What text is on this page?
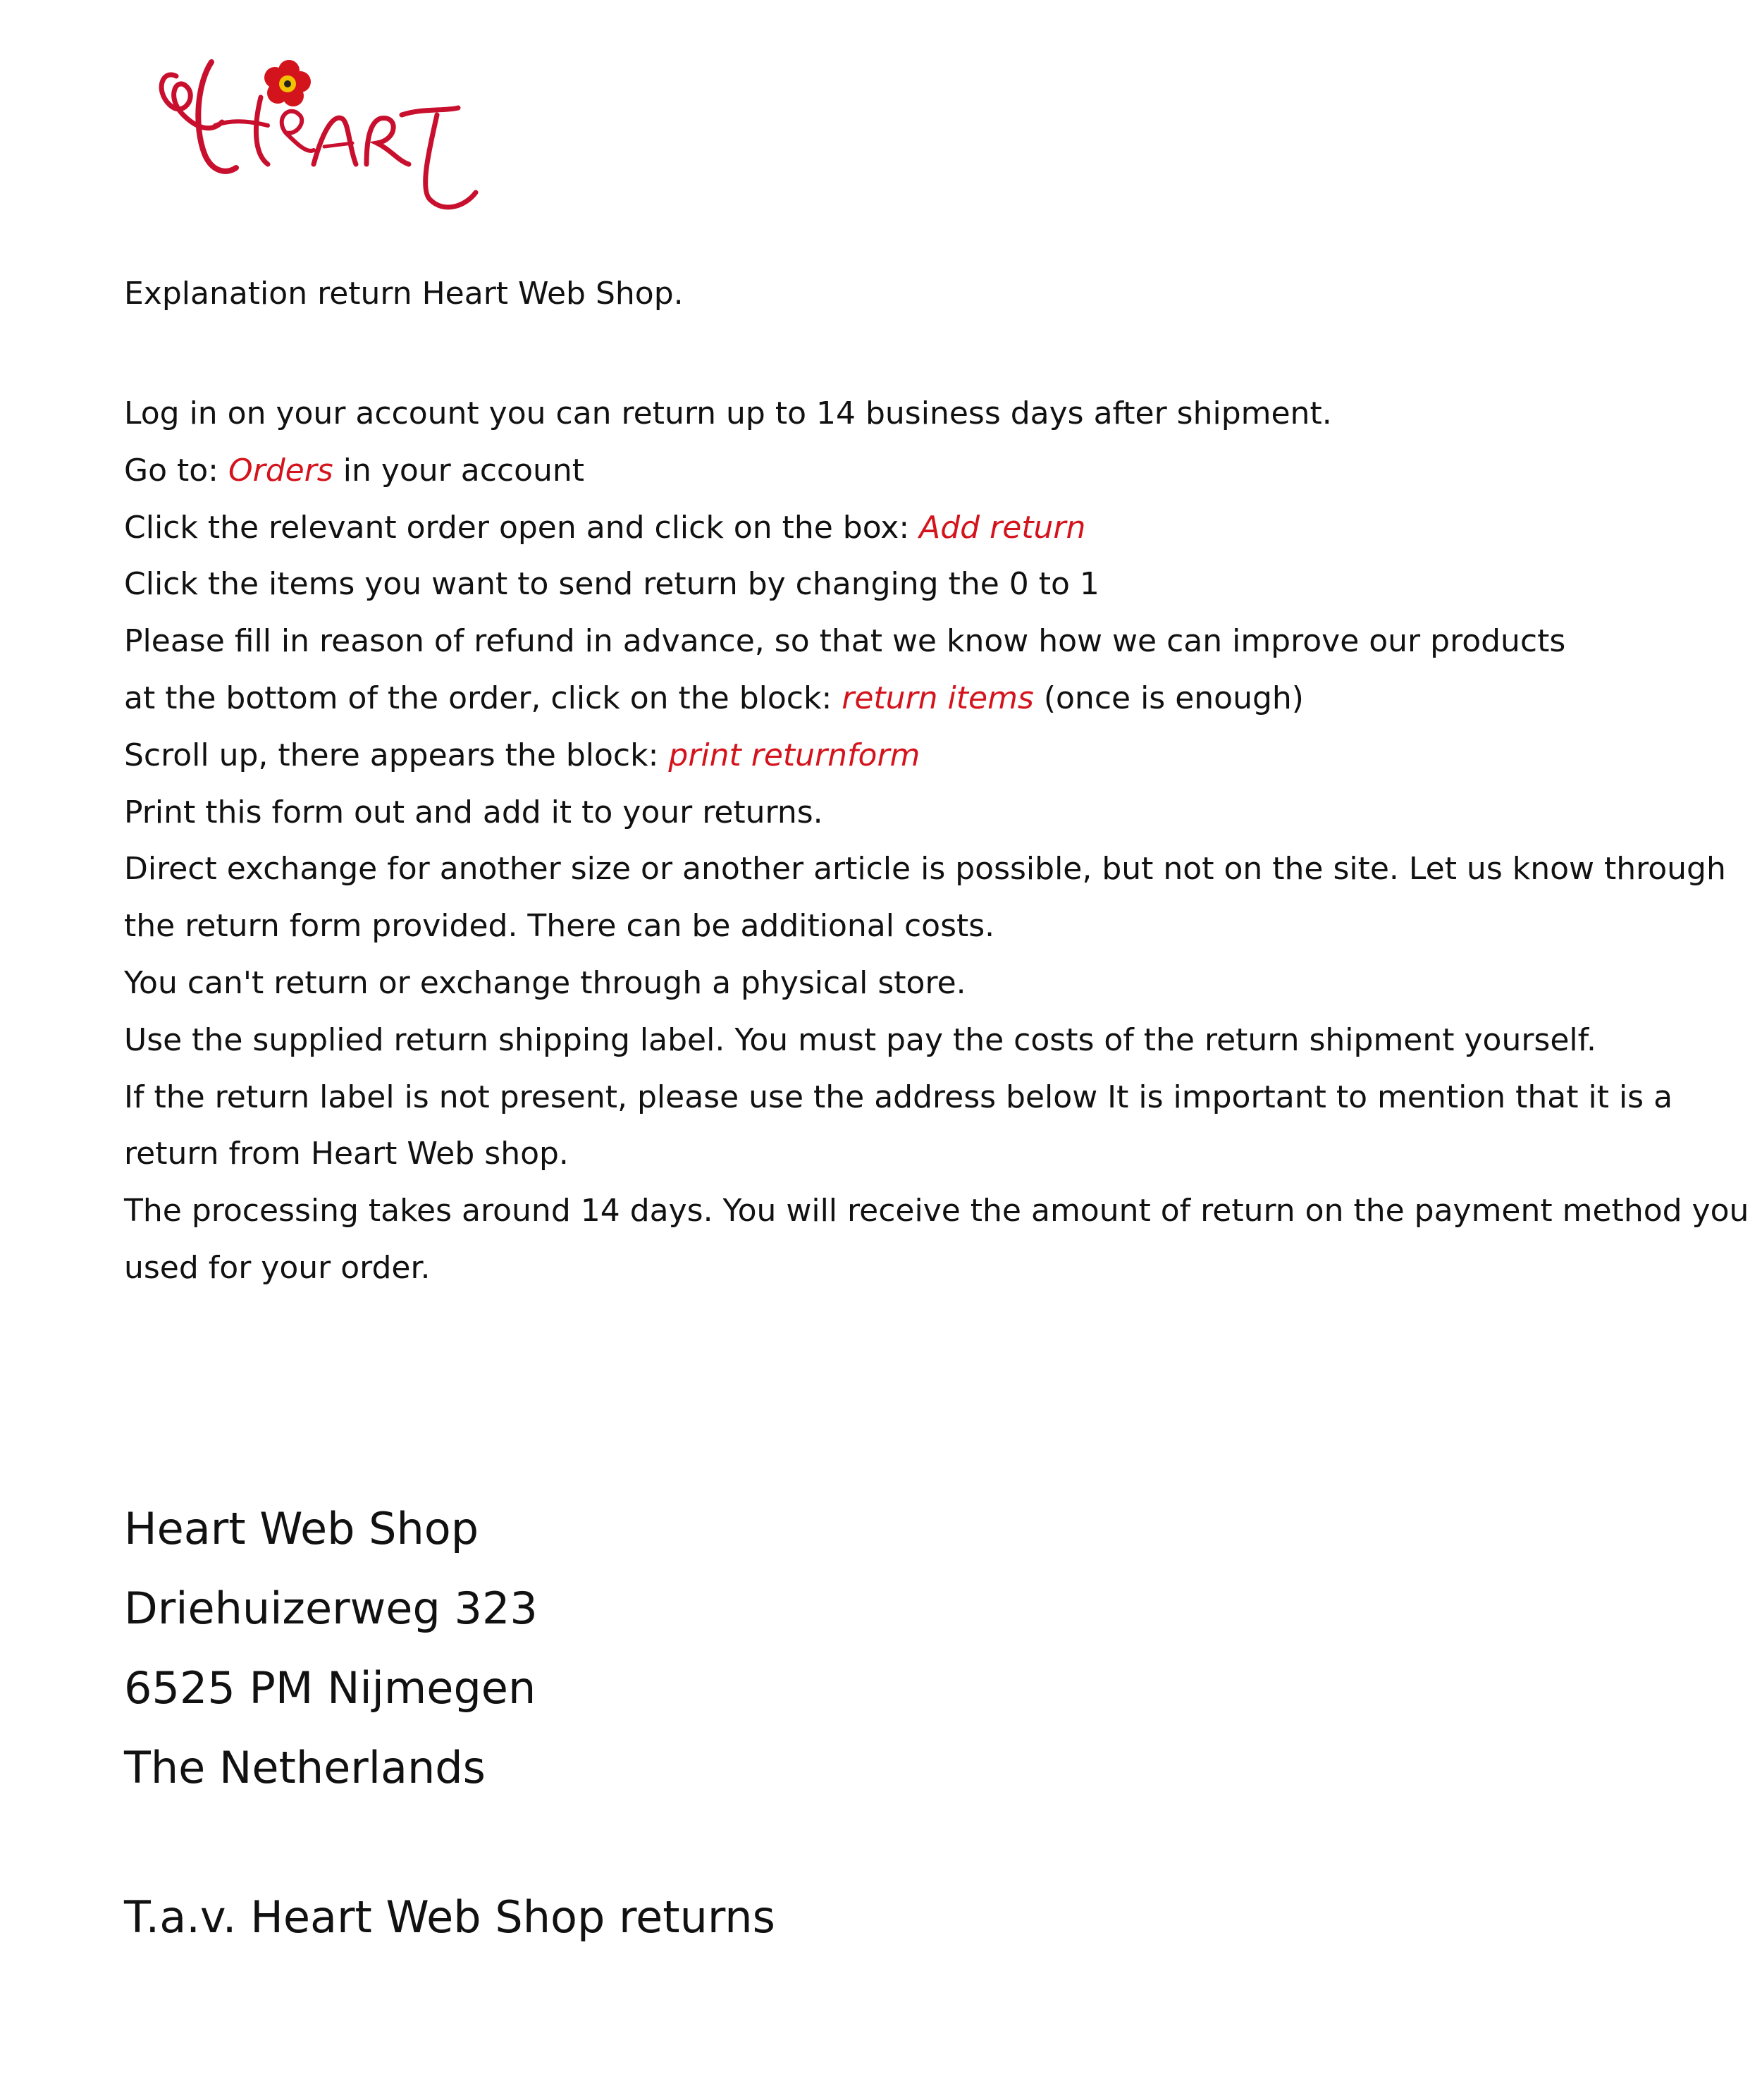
Explanation return Heart Web Shop.
Log in on your account you can return up to 14 business days after shipment.
Go to: Orders in your account
Click the relevant order open and click on the box: Add return
Click the items you want to send return by changing the 0 to 1
Please fill in reason of refund in advance, so that we know how we can improve our products
at the bottom of the order, click on the block: return items (once is enough)
Scroll up, there appears the block: print returnform
Print this form out and add it to your returns.
Direct exchange for another size or another article is possible, but not on the site. Let us know through
the return form provided. There can be additional costs.
You can't return or exchange through a physical store.
Use the supplied return shipping label. You must pay the costs of the return shipment yourself.
If the return label is not present, please use the address below It is important to mention that it is a
return from Heart Web shop.
The processing takes around 14 days. You will receive the amount of return on the payment method you
used for your order.
Heart Web Shop
Driehuizerweg 323
6525 PM Nijmegen
The Netherlands
T.a.v. Heart Web Shop returns
